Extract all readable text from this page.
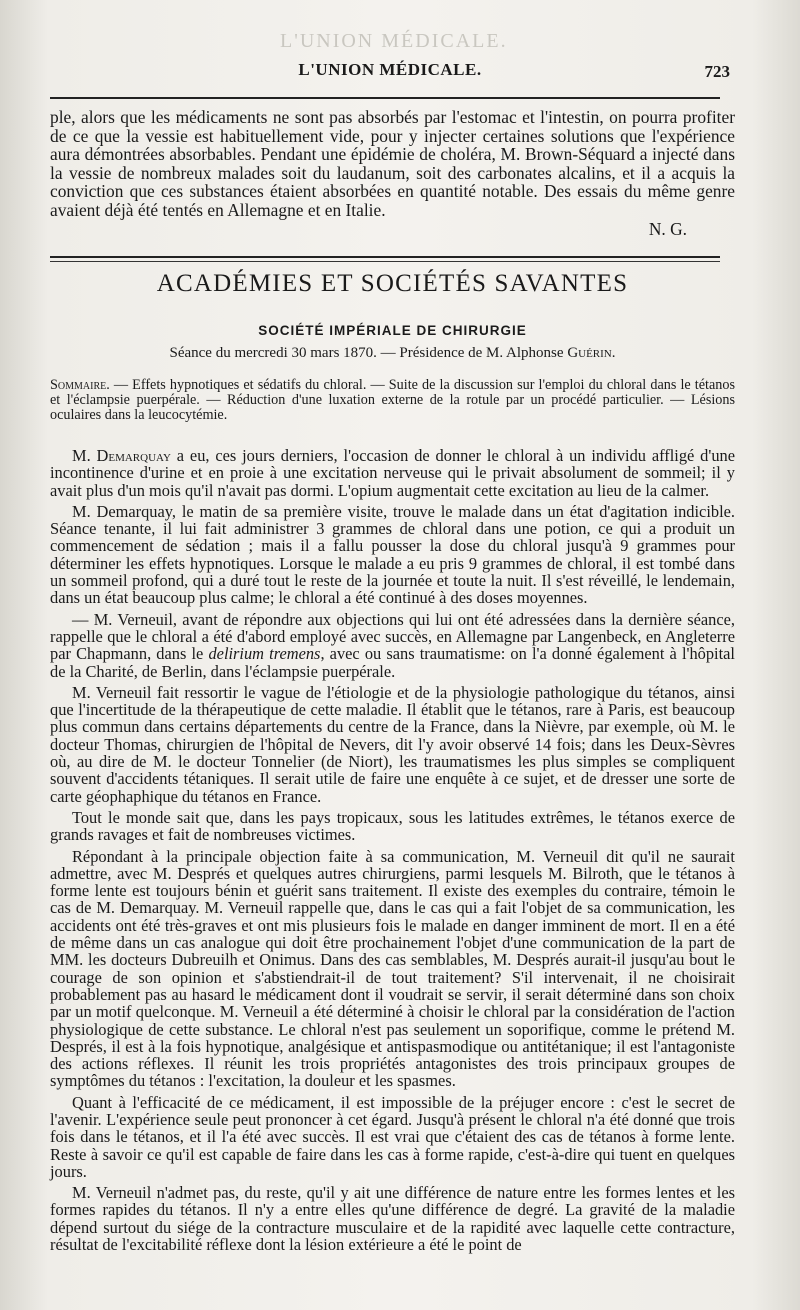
L'UNION MÉDICALE.
L'UNION MÉDICALE.	723

ple, alors que les médicaments ne sont pas absorbés par l'estomac et l'intestin, on pourra profiter de ce que la vessie est habituellement vide, pour y injecter certaines solutions que l'expérience aura démontrées absorbables. Pendant une épidémie de choléra, M. Brown-Séquard a injecté dans la vessie de nombreux malades soit du laudanum, soit des carbonates alcalins, et il a acquis la conviction que ces substances étaient absorbées en quantité notable. Des essais du même genre avaient déjà été tentés en Allemagne et en Italie.

N. G.

ACADÉMIES ET SOCIÉTÉS SAVANTES
SOCIÉTÉ IMPÉRIALE DE CHIRURGIE
Séance du mercredi 30 mars 1870. — Présidence de M. Alphonse Guérin.

Sommaire. — Effets hypnotiques et sédatifs du chloral. — Suite de la discussion sur l'emploi du chloral dans le tétanos et l'éclampsie puerpérale. — Réduction d'une luxation externe de la rotule par un procédé particulier. — Lésions oculaires dans la leucocytémie.

M. Demarquay a eu, ces jours derniers, l'occasion de donner le chloral à un individu affligé d'une incontinence d'urine et en proie à une excitation nerveuse qui le privait absolument de sommeil; il y avait plus d'un mois qu'il n'avait pas dormi. L'opium augmentait cette excitation au lieu de la calmer.

M. Demarquay, le matin de sa première visite, trouve le malade dans un état d'agitation indicible. Séance tenante, il lui fait administrer 3 grammes de chloral dans une potion, ce qui a produit un commencement de sédation ; mais il a fallu pousser la dose du chloral jusqu'à 9 grammes pour déterminer les effets hypnotiques. Lorsque le malade a eu pris 9 grammes de chloral, il est tombé dans un sommeil profond, qui a duré tout le reste de la journée et toute la nuit. Il s'est réveillé, le lendemain, dans un état beaucoup plus calme; le chloral a été continué à des doses moyennes.

— M. Verneuil, avant de répondre aux objections qui lui ont été adressées dans la dernière séance, rappelle que le chloral a été d'abord employé avec succès, en Allemagne par Langenbeck, en Angleterre par Chapmann, dans le delirium tremens, avec ou sans traumatisme: on l'a donné également à l'hôpital de la Charité, de Berlin, dans l'éclampsie puerpérale.

M. Verneuil fait ressortir le vague de l'étiologie et de la physiologie pathologique du tétanos, ainsi que l'incertitude de la thérapeutique de cette maladie. Il établit que le tétanos, rare à Paris, est beaucoup plus commun dans certains départements du centre de la France, dans la Nièvre, par exemple, où M. le docteur Thomas, chirurgien de l'hôpital de Nevers, dit l'y avoir observé 14 fois; dans les Deux-Sèvres où, au dire de M. le docteur Tonnelier (de Niort), les traumatismes les plus simples se compliquent souvent d'accidents tétaniques. Il serait utile de faire une enquête à ce sujet, et de dresser une sorte de carte géophaphique du tétanos en France.

Tout le monde sait que, dans les pays tropicaux, sous les latitudes extrêmes, le tétanos exerce de grands ravages et fait de nombreuses victimes.

Répondant à la principale objection faite à sa communication, M. Verneuil dit qu'il ne saurait admettre, avec M. Després et quelques autres chirurgiens, parmi lesquels M. Bilroth, que le tétanos à forme lente est toujours bénin et guérit sans traitement. Il existe des exemples du contraire, témoin le cas de M. Demarquay. M. Verneuil rappelle que, dans le cas qui a fait l'objet de sa communication, les accidents ont été très-graves et ont mis plusieurs fois le malade en danger imminent de mort. Il en a été de même dans un cas analogue qui doit être prochainement l'objet d'une communication de la part de MM. les docteurs Dubreuilh et Onimus. Dans des cas semblables, M. Després aurait-il jusqu'au bout le courage de son opinion et s'abstiendrait-il de tout traitement? S'il intervenait, il ne choisirait probablement pas au hasard le médicament dont il voudrait se servir, il serait déterminé dans son choix par un motif quelconque. M. Verneuil a été déterminé à choisir le chloral par la considération de l'action physiologique de cette substance. Le chloral n'est pas seulement un soporifique, comme le prétend M. Després, il est à la fois hypnotique, analgésique et antispasmodique ou antitétanique; il est l'antagoniste des actions réflexes. Il réunit les trois propriétés antagonistes des trois principaux groupes de symptômes du tétanos : l'excitation, la douleur et les spasmes.

Quant à l'efficacité de ce médicament, il est impossible de la préjuger encore : c'est le secret de l'avenir. L'expérience seule peut prononcer à cet égard. Jusqu'à présent le chloral n'a été donné que trois fois dans le tétanos, et il l'a été avec succès. Il est vrai que c'étaient des cas de tétanos à forme lente. Reste à savoir ce qu'il est capable de faire dans les cas à forme rapide, c'est-à-dire qui tuent en quelques jours.

M. Verneuil n'admet pas, du reste, qu'il y ait une différence de nature entre les formes lentes et les formes rapides du tétanos. Il n'y a entre elles qu'une différence de degré. La gravité de la maladie dépend surtout du siége de la contracture musculaire et de la rapidité avec laquelle cette contracture, résultat de l'excitabilité réflexe dont la lésion extérieure a été le point de
